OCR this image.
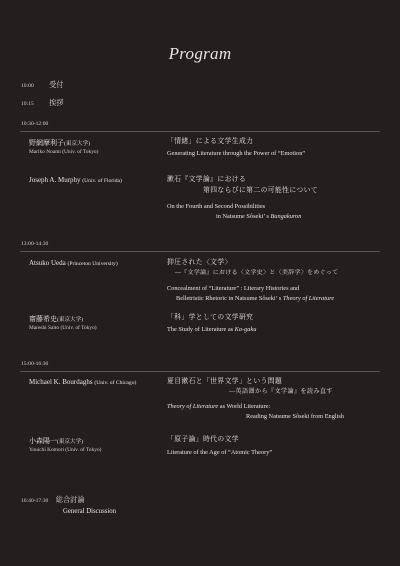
Program
10:00 受付
10:15 挨拶
10:30-12:00
野網摩利子(東京大学)
Mariko Noami (Univ. of Tokyo)
「情緒」による文学生成力
Generating Literature through the Power of “Emotion”
Joseph A. Murphy (Univ. of Florida)	漱石『文学論』における
第四ならびに第二の可能性について
On the Fourth and Second Possibilities
in Natsume Sôseki’ s Bungakuron
13:00-14:30
Atsuko Ueda (Princeton University)	抑圧された〈文学〉
―『文学論』における〈文学史〉と〈美辞学〉をめぐって
Concealment of “Literature” : Literary Histories and
Belletristic Rhetoric in Natsume Sôseki’ s Theory of Literature
齋藤希史(東京大学)
Mareshi Saito (Univ. of Tokyo)
「科」学としての文学研究
The Study of Literature as Ka-gaku
15:00-16:30
Michael K. Bourdaghs (Univ. of Chicago)	夏目漱石と「世界文学」という問題
―英語圏から『文学論』を読み直す
Theory of Literature as World Literature:
Reading Natsume Sôseki from English
小森陽一(東京大学)
Youichi Komori (Univ. of Tokyo)
「原子論」時代の文学
Literature of the Age of “Atomic Theory”
16:40-17:30 総合討論
General Discussion
